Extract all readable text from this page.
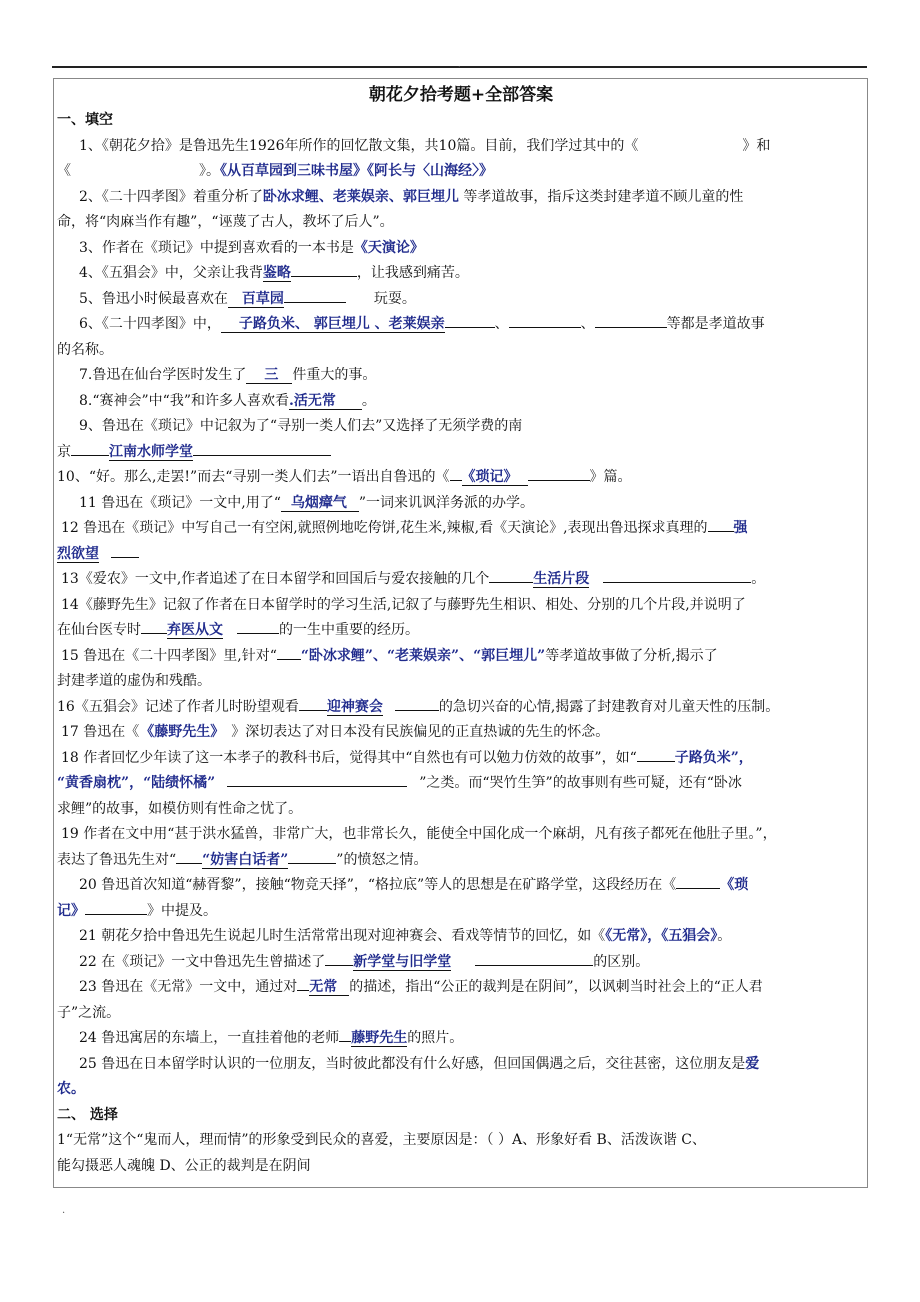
.
朝花夕拾考题+全部答案
一、填空
1、《朝花夕拾》是鲁迅先生1926年所作的回忆散文集，共10篇。目前，我们学过其中的《	》和
《	》。《从百草园到三味书屋》《阿长与〈山海经〉》
2、《二十四孝图》着重分析了卧冰求鲤、老莱娱亲、郭巨埋儿 等孝道故事，指斥这类封建孝道不顾儿童的性
命，将“肉麻当作有趣”，“诬蔑了古人，教坏了后人”。
3、作者在《琐记》中提到喜欢看的一本书是《天演论》
4、《五猖会》中，父亲让我背鉴略	，让我感到痛苦。
5、鲁迅小时候最喜欢在 百草园	玩耍。
6、《二十四孝图》中， 子路负米、 郭巨埋儿 、老莱娱亲	、	、	等都是孝道故事
的名称。
7.鲁迅在仙台学医时发生了 三 件重大的事。
8.“赛神会”中“我”和许多人喜欢看.活无常 。
9、鲁迅在《琐记》中记叙为了“寻别一类人们去”又选择了无须学费的南
京	江南水师学堂
10、“好。那么,走罢!”而去“寻别一类人们去”一语出自鲁迅的《 《琐记》	》篇。
11 鲁迅在《琐记》一文中,用了“ 乌烟瘴气 ”一词来讥讽洋务派的办学。
12 鲁迅在《琐记》中写自己一有空闲,就照例地吃侉饼,花生米,辣椒,看《天演论》,表现出鲁迅探求真理的 强
烈欲望
13《爱农》一文中,作者追述了在日本留学和回国后与爱农接触的几个	生活片段	。
14《藤野先生》记叙了作者在日本留学时的学习生活,记叙了与藤野先生相识、相处、分别的几个片段,并说明了
在仙台医专时 弃医从文	的一生中重要的经历。
15 鲁迅在《二十四孝图》里,针对“ “卧冰求鲤”、“老莱娱亲”、“郭巨埋儿”等孝道故事做了分析,揭示了
封建孝道的虚伪和残酷。
16《五猖会》记述了作者儿时盼望观看 迎神赛会	的急切兴奋的心情,揭露了封建教育对儿童天性的压制。
17 鲁迅在《 《藤野先生》 》深切表达了对日本没有民族偏见的正直热诚的先生的怀念。
18 作者回忆少年读了这一本孝子的教科书后，觉得其中“自然也有可以勉力仿效的故事”，如“	子路负米”，
“黄香扇枕”，“陆绩怀橘”	”之类。而“哭竹生笋”的故事则有些可疑，还有“卧冰
求鲤”的故事，如模仿则有性命之忧了。
19 作者在文中用“甚于洪水猛兽，非常广大，也非常长久，能使全中国化成一个麻胡，凡有孩子都死在他肚子里。”，
表达了鲁迅先生对“ “妨害白话者”	”的愤怒之情。
20 鲁迅首次知道“赫胥黎”，接触“物竞天择”，“格拉底”等人的思想是在矿路学堂，这段经历在《	《琐
记》	》中提及。
21 朝花夕拾中鲁迅先生说起儿时生活常常出现对迎神赛会、看戏等情节的回忆，如《《无常》，《五猖会》。
22 在《琐记》一文中鲁迅先生曾描述了 新学堂与旧学堂	的区别。
23 鲁迅在《无常》一文中，通过对 无常 的描述，指出“公正的裁判是在阴间”，以讽刺当时社会上的“正人君
子”之流。
24 鲁迅寓居的东墙上，一直挂着他的老师 藤野先生的照片。
25 鲁迅在日本留学时认识的一位朋友，当时彼此都没有什么好感，但回国偶遇之后，交往甚密，这位朋友是爱
农。
二、 选择
1“无常”这个“鬼而人，理而情”的形象受到民众的喜爱，主要原因是：（ ）A、形象好看 B、活泼诙谐 C、
能勾摄恶人魂魄 D、公正的裁判是在阴间
.
